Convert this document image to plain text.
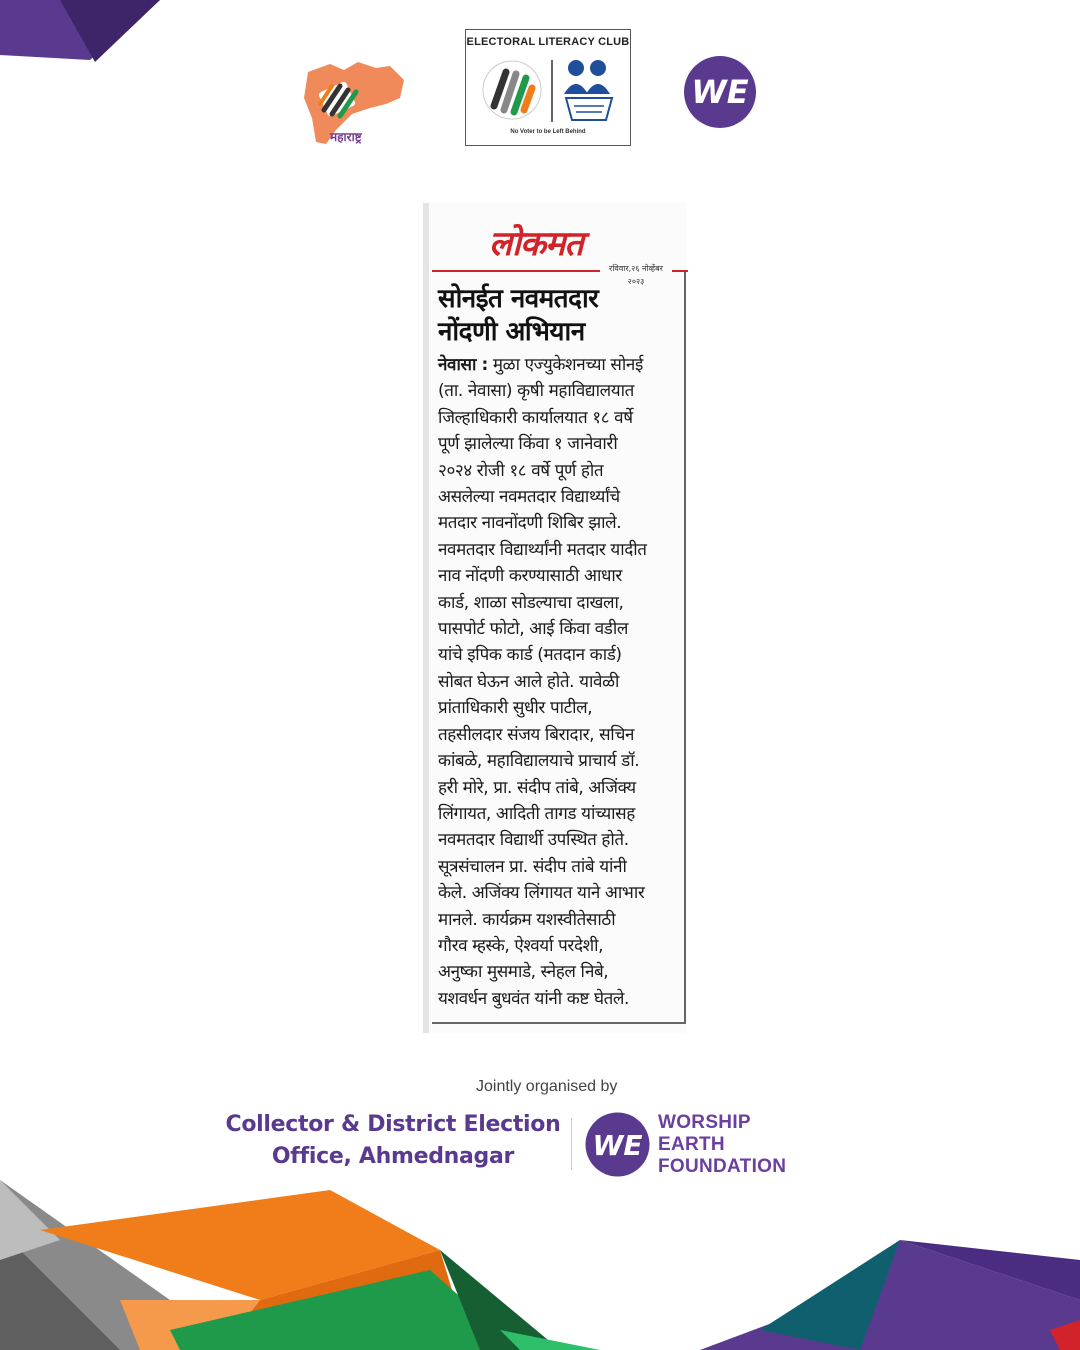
महाराष्ट्र
ELECTORAL LITERACY CLUB
No Voter to be Left Behind
WE
लोकमत
रविवार,२६ नोव्हेंबर
२०२३
सोनईत नवमतदार
नोंदणी अभियान
नेवासा : मुळा एज्युकेशनच्या सोनई
(ता. नेवासा) कृषी महाविद्यालयात
जिल्हाधिकारी कार्यालयात १८ वर्षे
पूर्ण झालेल्या किंवा १ जानेवारी
२०२४ रोजी १८ वर्षे पूर्ण होत
असलेल्या नवमतदार विद्यार्थ्यांचे
मतदार नावनोंदणी शिबिर झाले.
नवमतदार विद्यार्थ्यांनी मतदार यादीत
नाव नोंदणी करण्यासाठी आधार
कार्ड, शाळा सोडल्याचा दाखला,
पासपोर्ट फोटो, आई किंवा वडील
यांचे इपिक कार्ड (मतदान कार्ड)
सोबत घेऊन आले होते. यावेळी
प्रांताधिकारी सुधीर पाटील,
तहसीलदार संजय बिरादार, सचिन
कांबळे, महाविद्यालयाचे प्राचार्य डॉ.
हरी मोरे, प्रा. संदीप तांबे, अजिंक्य
लिंगायत, आदिती तागड यांच्यासह
नवमतदार विद्यार्थी उपस्थित होते.
सूत्रसंचालन प्रा. संदीप तांबे यांनी
केले. अजिंक्य लिंगायत याने आभार
मानले. कार्यक्रम यशस्वीतेसाठी
गौरव म्हस्के, ऐश्वर्या परदेशी,
अनुष्का मुसमाडे, स्नेहल निबे,
यशवर्धन बुधवंत यांनी कष्ट घेतले.
Jointly organised by
Collector & District Election
Office, Ahmednagar	WE
WORSHIP
EARTH
FOUNDATION
